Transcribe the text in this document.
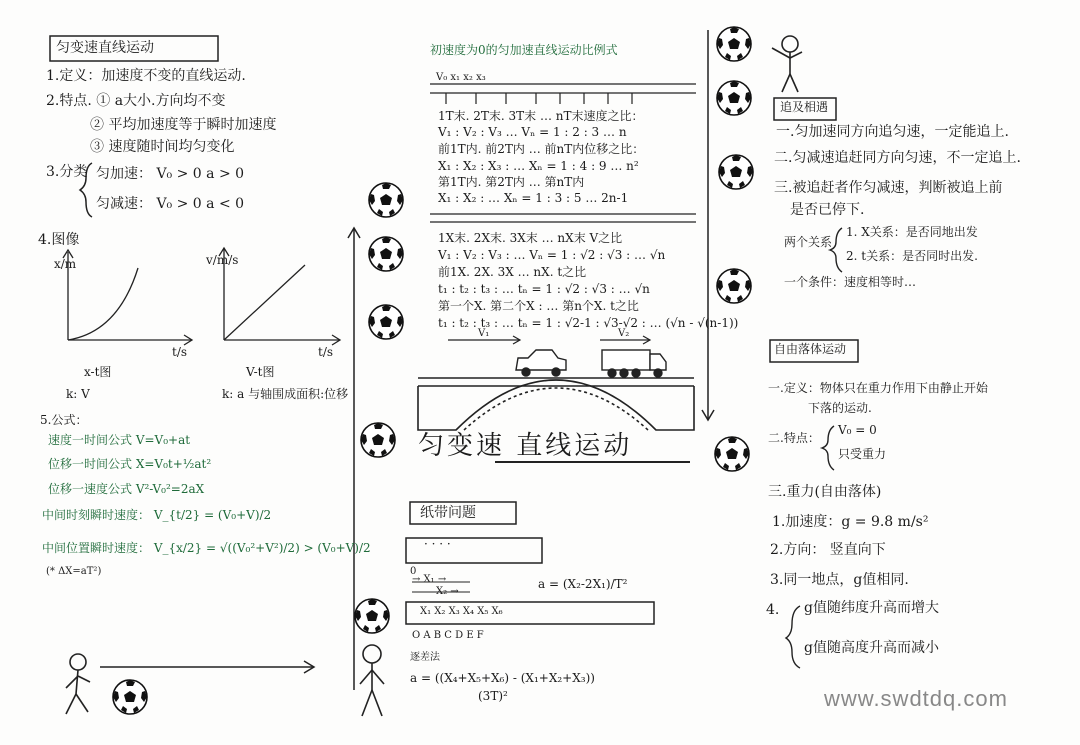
匀变速直线运动
1.定义：加速度不变的直线运动.
2.特点. ① a大小.方向均不变
② 平均加速度等于瞬时加速度
③ 速度随时间均匀变化
3.分类 匀加速： V₀ > 0 a > 0
匀减速： V₀ > 0 a < 0
4.图像
x/m
t/s
x-t图
k: V
v/m/s
t/s
V-t图
k: a 与轴围成面积:位移
5.公式：
速度一时间公式 V=V₀+at
位移一时间公式 X=V₀t+½at²
位移一速度公式 V²-V₀²=2aX
中间时刻瞬时速度： V_{t/2} = (V₀+V)/2
中间位置瞬时速度： V_{x/2} = √((V₀²+V²)/2) > (V₀+V)/2
(* ΔX=aT²)
初速度为0的匀加速直线运动比例式
V₀ x₁ x₂ x₃
1T末. 2T末. 3T末 … nT末速度之比：
V₁ : V₂ : V₃ … Vₙ = 1 : 2 : 3 … n
前1T内. 前2T内 … 前nT内位移之比：
X₁ : X₂ : X₃ : … Xₙ = 1 : 4 : 9 … n²
第1T内. 第2T内 … 第nT内
X₁ : X₂ : … Xₙ = 1 : 3 : 5 … 2n-1
1X末. 2X末. 3X末 … nX末 V之比
V₁ : V₂ : V₃ : … Vₙ = 1 : √2 : √3 : … √n
前1X. 2X. 3X … nX. t之比
t₁ : t₂ : t₃ : … tₙ = 1 : √2 : √3 : … √n
第一个X. 第二个X : … 第n个X. t之比
t₁ : t₂ : t₃ : … tₙ = 1 : √2-1 : √3-√2 : … (√n - √(n-1))
V₁	V₂
匀变速 直线运动
纸带问题
· · · ·
0
→ X₁ →
X₂ →
a = (X₂-2X₁)/T²
X₁ X₂ X₃ X₄ X₅ X₆
O A B C D E F
逐差法
a = ((X₄+X₅+X₆) - (X₁+X₂+X₃))
(3T)²
追及相遇
一.匀加速同方向追匀速，一定能追上.
二.匀减速追赶同方向匀速，不一定追上.
三.被追赶者作匀减速，判断被追上前
是否已停下.
两个关系
1. X关系：是否同地出发
2. t关系：是否同时出发.
一个条件：速度相等时…
自由落体运动
一.定义：物体只在重力作用下由静止开始
下落的运动.
二.特点：
V₀ = 0
只受重力
三.重力(自由落体)
1.加速度：g = 9.8 m/s²
2.方向： 竖直向下
3.同一地点，g值相同.
4. g值随纬度升高而增大
g值随高度升高而减小
www.swdtdq.com
